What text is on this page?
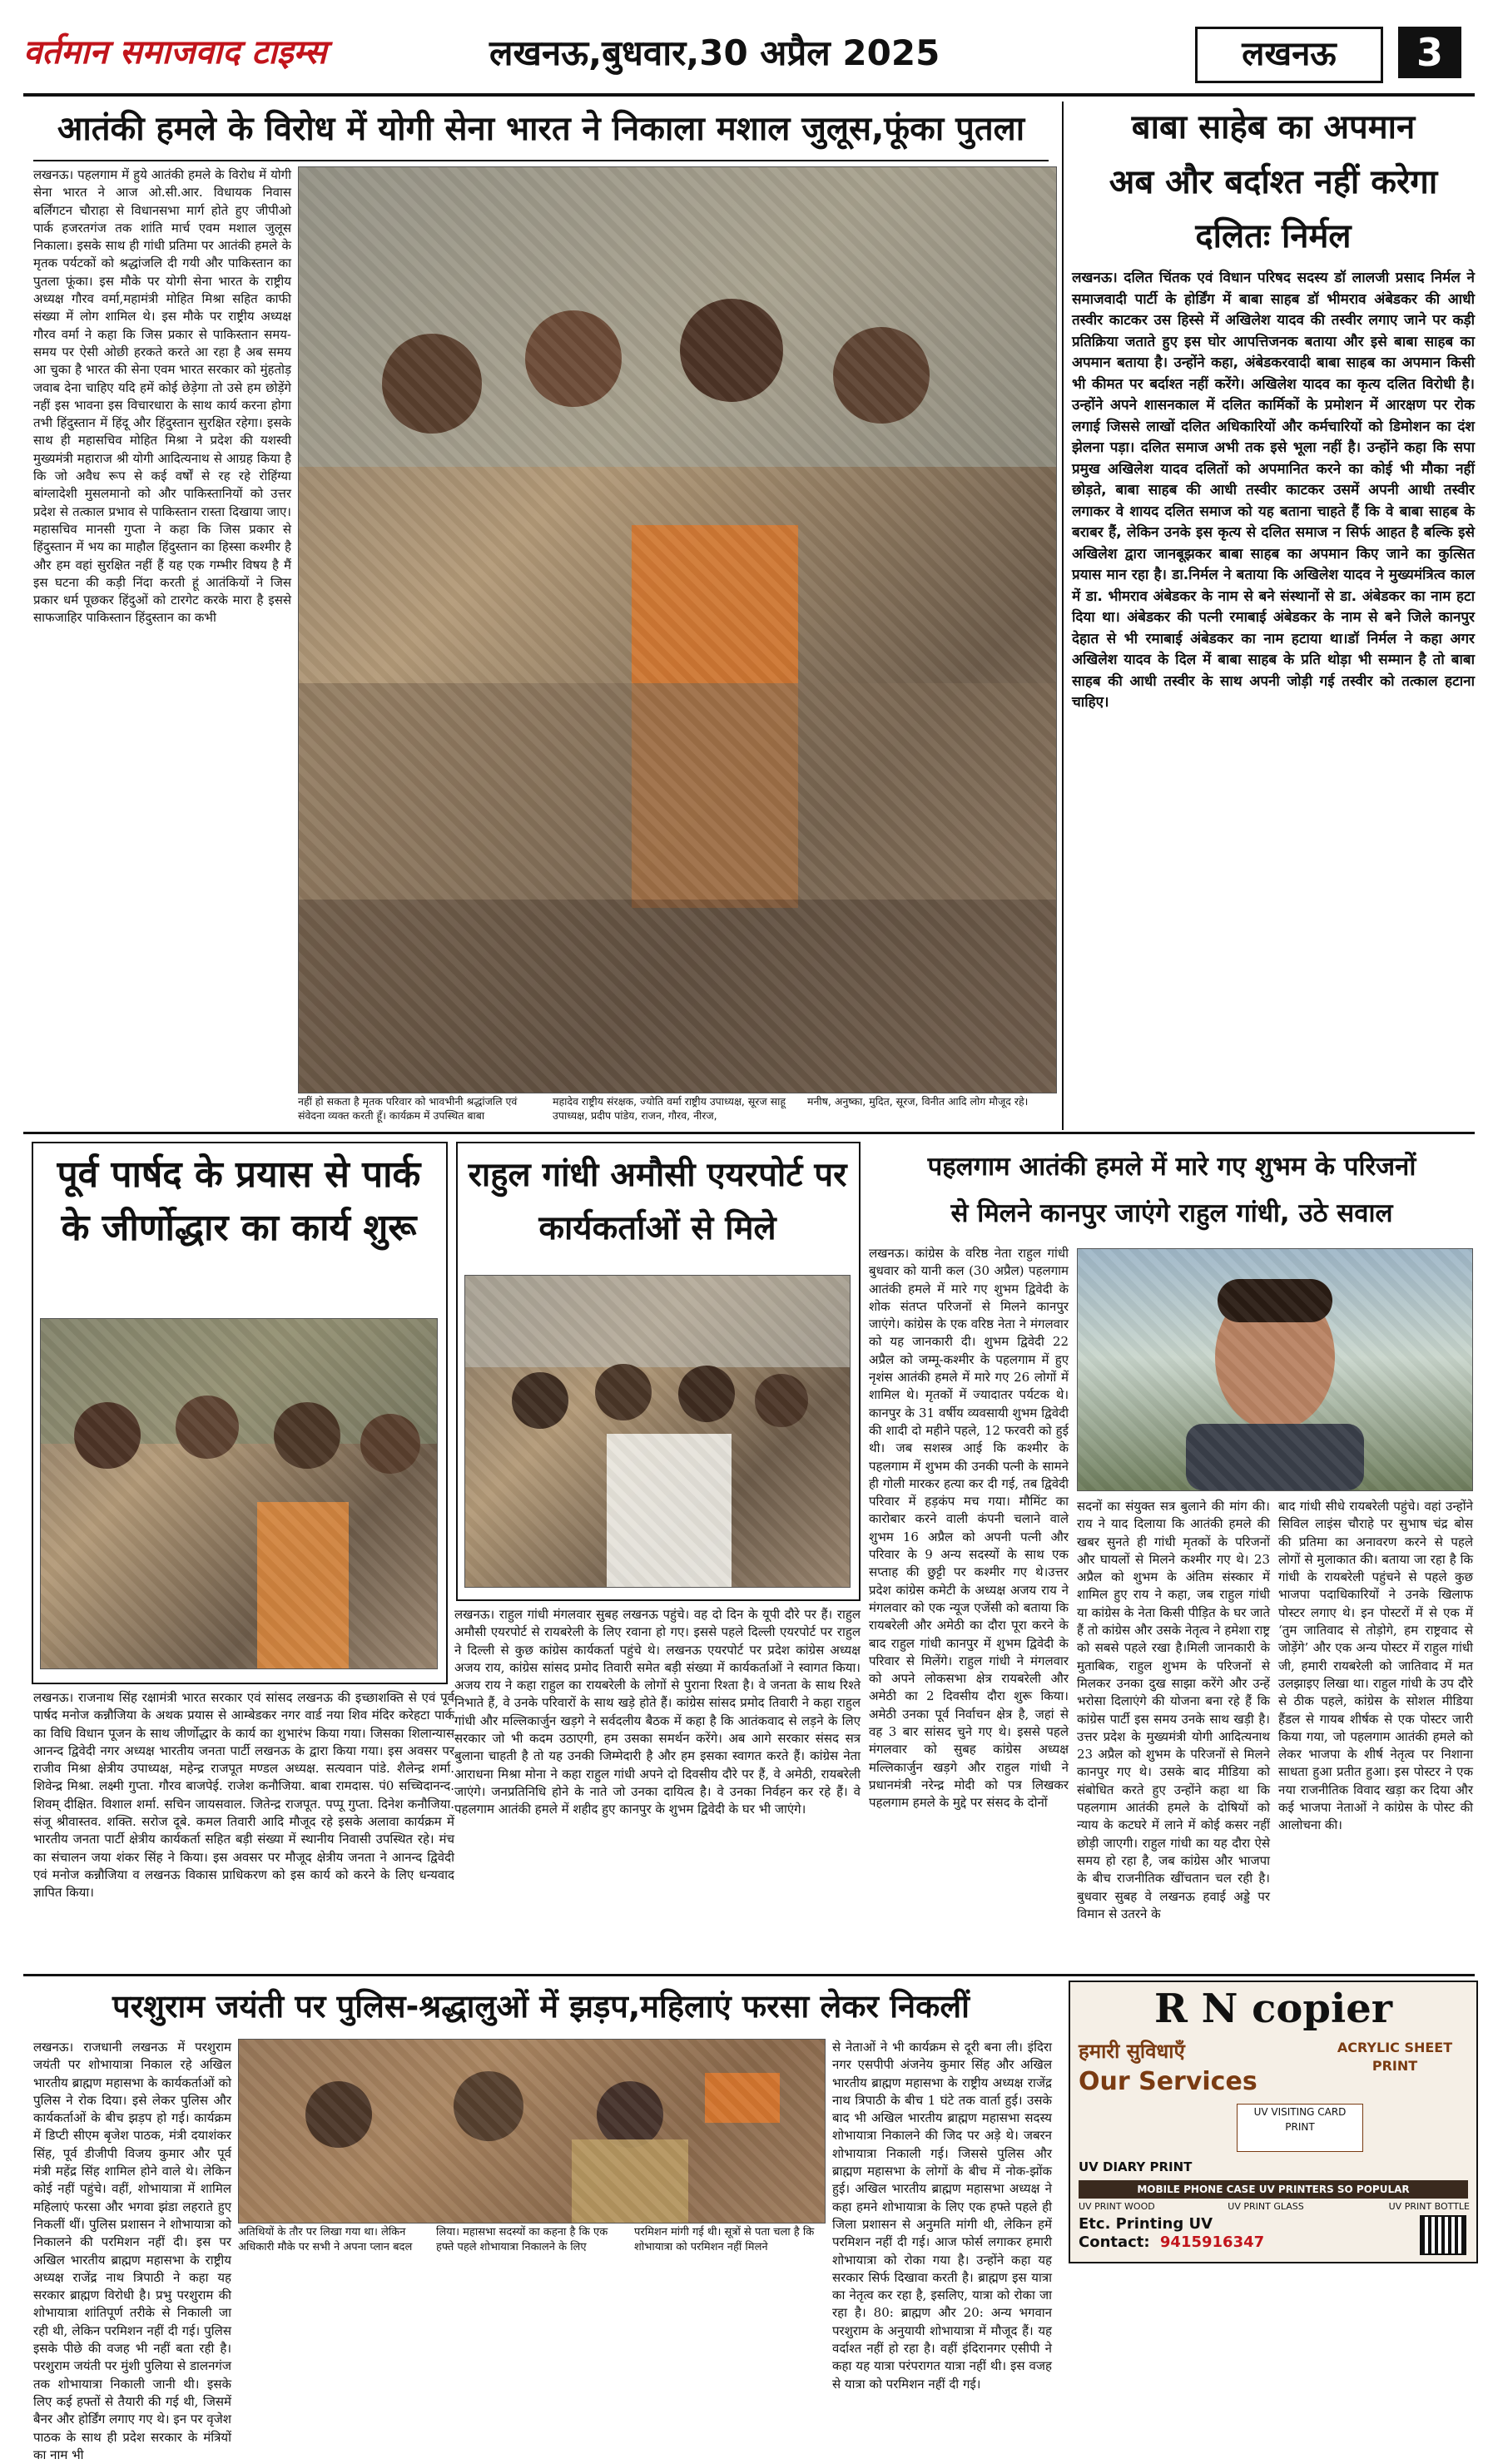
वर्तमान समाजवाद टाइम्स	लखनऊ,बुधवार,30 अप्रैल 2025	लखनऊ	3
आतंकी हमले के विरोध में योगी सेना भारत ने निकाला मशाल जुलूस,फूंका पुतला
लखनऊ। पहलगाम में हुये आतंकी हमले के विरोध में योगी सेना भारत ने आज ओ.सी.आर. विधायक निवास बर्लिंगटन चौराहा से विधानसभा मार्ग होते हुए जीपीओ पार्क हजरतगंज तक शांति मार्च एवम मशाल जुलूस निकाला। इसके साथ ही गांधी प्रतिमा पर आतंकी हमले के मृतक पर्यटकों को श्रद्धांजलि दी गयी और पाकिस्तान का पुतला फूंका। इस मौके पर योगी सेना भारत के राष्ट्रीय अध्यक्ष गौरव वर्मा,महामंत्री मोहित मिश्रा सहित काफी संख्या में लोग शामिल थे। इस मौके पर राष्ट्रीय अध्यक्ष गौरव वर्मा ने कहा कि जिस प्रकार से पाकिस्तान समय-समय पर ऐसी ओछी हरकते करते आ रहा है अब समय आ चुका है भारत की सेना एवम भारत सरकार को मुंहतोड़ जवाब देना चाहिए यदि हमें कोई छेड़ेगा तो उसे हम छोड़ेंगे नहीं इस भावना इस विचारधारा के साथ कार्य करना होगा तभी हिंदुस्तान में हिंदू और हिंदुस्तान सुरक्षित रहेगा। इसके साथ ही महासचिव मोहित मिश्रा ने प्रदेश की यशस्वी मुख्यमंत्री महाराज श्री योगी आदित्यनाथ से आग्रह किया है कि जो अवैध रूप से कई वर्षों से रह रहे रोहिंग्या बांग्लादेशी मुसलमानो को और पाकिस्तानियों को उत्तर प्रदेश से तत्काल प्रभाव से पाकिस्तान रास्ता दिखाया जाए।महासचिव मानसी गुप्ता ने कहा कि जिस प्रकार से हिंदुस्तान में भय का माहौल हिंदुस्तान का हिस्सा कश्मीर है और हम वहां सुरक्षित नहीं हैं यह एक गम्भीर विषय है मैं इस घटना की कड़ी निंदा करती हूं आतंकियों ने जिस प्रकार धर्म पूछकर हिंदुओं को टारगेट करके मारा है इससे साफजाहिर पाकिस्तान हिंदुस्तान का कभी
नहीं हो सकता है मृतक परिवार को भावभीनी श्रद्धांजलि एवं संवेदना व्यक्त करती हूँ। कार्यक्रम में उपस्थित बाबा
महादेव राष्ट्रीय संरक्षक, ज्योति वर्मा राष्ट्रीय उपाध्यक्ष, सूरज साहू उपाध्यक्ष, प्रदीप पांडेय, राजन, गौरव, नीरज,
मनीष, अनुष्का, मुदित, सूरज, विनीत आदि लोग मौजूद रहे।
बाबा साहेब का अपमान
अब और बर्दाश्त नहीं करेगा
दलितः निर्मल
लखनऊ। दलित चिंतक एवं विधान परिषद सदस्य डॉ लालजी प्रसाद निर्मल ने समाजवादी पार्टी के होर्डिंग में बाबा साहब डॉ भीमराव अंबेडकर की आधी तस्वीर काटकर उस हिस्से में अखिलेश यादव की तस्वीर लगाए जाने पर कड़ी प्रतिक्रिया जताते हुए इस घोर आपत्तिजनक बताया और इसे बाबा साहब का अपमान बताया है। उन्होंने कहा, अंबेडकरवादी बाबा साहब का अपमान किसी भी कीमत पर बर्दाश्त नहीं करेंगे। अखिलेश यादव का कृत्य दलित विरोधी है।उन्होंने अपने शासनकाल में दलित कार्मिकों के प्रमोशन में आरक्षण पर रोक लगाई जिससे लाखों दलित अधिकारियों और कर्मचारियों को डिमोशन का दंश झेलना पड़ा। दलित समाज अभी तक इसे भूला नहीं है। उन्होंने कहा कि सपा प्रमुख अखिलेश यादव दलितों को अपमानित करने का कोई भी मौका नहीं छोड़ते, बाबा साहब की आधी तस्वीर काटकर उसमें अपनी आधी तस्वीर लगाकर वे शायद दलित समाज को यह बताना चाहते हैं कि वे बाबा साहब के बराबर हैं, लेकिन उनके इस कृत्य से दलित समाज न सिर्फ आहत है बल्कि इसे अखिलेश द्वारा जानबूझकर बाबा साहब का अपमान किए जाने का कुत्सित प्रयास मान रहा है। डा.निर्मल ने बताया कि अखिलेश यादव ने मुख्यमंत्रित्व काल में डा. भीमराव अंबेडकर के नाम से बने संस्थानों से डा. अंबेडकर का नाम हटा दिया था। अंबेडकर की पत्नी रमाबाई अंबेडकर के नाम से बने जिले कानपुर देहात से भी रमाबाई अंबेडकर का नाम हटाया था।डॉ निर्मल ने कहा अगर अखिलेश यादव के दिल में बाबा साहब के प्रति थोड़ा भी सम्मान है तो बाबा साहब की आधी तस्वीर के साथ अपनी जोड़ी गई तस्वीर को तत्काल हटाना चाहिए।
पूर्व पार्षद के प्रयास से पार्क के जीर्णोद्धार का कार्य शुरू
लखनऊ। राजनाथ सिंह रक्षामंत्री भारत सरकार एवं सांसद लखनऊ की इच्छाशक्ति से एवं पूर्व पार्षद मनोज कन्नौजिया के अथक प्रयास से आम्बेडकर नगर वार्ड नया शिव मंदिर करेहटा पार्क का विधि विधान पूजन के साथ जीर्णोद्धार के कार्य का शुभारंभ किया गया। जिसका शिलान्यास आनन्द द्विवेदी नगर अध्यक्ष भारतीय जनता पार्टी लखनऊ के द्वारा किया गया। इस अवसर पर राजीव मिश्रा क्षेत्रीय उपाध्यक्ष, महेन्द्र राजपूत मण्डल अध्यक्ष. सत्यवान पांडे. शैलेन्द्र शर्मा. शिवेन्द्र मिश्रा. लक्ष्मी गुप्ता. गौरव बाजपेई. राजेश कनौजिया. बाबा रामदास. पं0 सच्चिदानन्द. शिवम् दीक्षित. विशाल शर्मा. सचिन जायसवाल. जितेन्द्र राजपूत. पप्पू गुप्ता. दिनेश कनौजिया. संजू श्रीवास्तव. शक्ति. सरोज दूबे. कमल तिवारी आदि मौजूद रहे इसके अलावा कार्यक्रम में भारतीय जनता पार्टी क्षेत्रीय कार्यकर्ता सहित बड़ी संख्या में स्थानीय निवासी उपस्थित रहे। मंच का संचालन जया शंकर सिंह ने किया। इस अवसर पर मौजूद क्षेत्रीय जनता ने आनन्द द्विवेदी एवं मनोज कन्नौजिया व लखनऊ विकास प्राधिकरण को इस कार्य को करने के लिए धन्यवाद ज्ञापित किया।
राहुल गांधी अमौसी एयरपोर्ट पर कार्यकर्ताओं से मिले
लखनऊ। राहुल गांधी मंगलवार सुबह लखनऊ पहुंचे। वह दो दिन के यूपी दौरे पर हैं। राहुल अमौसी एयरपोर्ट से रायबरेली के लिए रवाना हो गए। इससे पहले दिल्ली एयरपोर्ट पर राहुल ने दिल्ली से कुछ कांग्रेस कार्यकर्ता पहुंचे थे। लखनऊ एयरपोर्ट पर प्रदेश कांग्रेस अध्यक्ष अजय राय, कांग्रेस सांसद प्रमोद तिवारी समेत बड़ी संख्या में कार्यकर्ताओं ने स्वागत किया। अजय राय ने कहा राहुल का रायबरेली के लोगों से पुराना रिश्ता है। वे जनता के साथ रिश्ते निभाते हैं, वे उनके परिवारों के साथ खड़े होते हैं। कांग्रेस सांसद प्रमोद तिवारी ने कहा राहुल गांधी और मल्लिकार्जुन खड़गे ने सर्वदलीय बैठक में कहा है कि आतंकवाद से लड़ने के लिए सरकार जो भी कदम उठाएगी, हम उसका समर्थन करेंगे। अब आगे सरकार संसद सत्र बुलाना चाहती है तो यह उनकी जिम्मेदारी है और हम इसका स्वागत करते हैं। कांग्रेस नेता आराधना मिश्रा मोना ने कहा राहुल गांधी अपने दो दिवसीय दौरे पर हैं, वे अमेठी, रायबरेली जाएंगे। जनप्रतिनिधि होने के नाते जो उनका दायित्व है। वे उनका निर्वहन कर रहे हैं। वे पहलगाम आतंकी हमले में शहीद हुए कानपुर के शुभम द्विवेदी के घर भी जाएंगे।
पहलगाम आतंकी हमले में मारे गए शुभम के परिजनों
से मिलने कानपुर जाएंगे राहुल गांधी, उठे सवाल
लखनऊ। कांग्रेस के वरिष्ठ नेता राहुल गांधी बुधवार को यानी कल (30 अप्रैल) पहलगाम आतंकी हमले में मारे गए शुभम द्विवेदी के शोक संतप्त परिजनों से मिलने कानपुर जाएंगे। कांग्रेस के एक वरिष्ठ नेता ने मंगलवार को यह जानकारी दी। शुभम द्विवेदी 22 अप्रैल को जम्मू-कश्मीर के पहलगाम में हुए नृशंस आतंकी हमले में मारे गए 26 लोगों में शामिल थे। मृतकों में ज्यादातर पर्यटक थे। कानपुर के 31 वर्षीय व्यवसायी शुभम द्विवेदी की शादी दो महीने पहले, 12 फरवरी को हुई थी। जब सशस्त्र आई कि कश्मीर के पहलगाम में शुभम की उनकी पत्नी के सामने ही गोली मारकर हत्या कर दी गई, तब द्विवेदी परिवार में हड़कंप मच गया। मौमिंट का कारोबार करने वाली कंपनी चलाने वाले शुभम 16 अप्रैल को अपनी पत्नी और परिवार के 9 अन्य सदस्यों के साथ एक सप्ताह की छुट्टी पर कश्मीर गए थे।उत्तर प्रदेश कांग्रेस कमेटी के अध्यक्ष अजय राय ने मंगलवार को एक न्यूज एजेंसी को बताया कि रायबरेली और अमेठी का दौरा पूरा करने के बाद राहुल गांधी कानपुर में शुभम द्विवेदी के परिवार से मिलेंगे। राहुल गांधी ने मंगलवार को अपने लोकसभा क्षेत्र रायबरेली और अमेठी का 2 दिवसीय दौरा शुरू किया। अमेठी उनका पूर्व निर्वाचन क्षेत्र है, जहां से वह 3 बार सांसद चुने गए थे। इससे पहले मंगलवार को सुबह कांग्रेस अध्यक्ष मल्लिकार्जुन खड़गे और राहुल गांधी ने प्रधानमंत्री नरेन्द्र मोदी को पत्र लिखकर पहलगाम हमले के मुद्दे पर संसद के दोनों
सदनों का संयुक्त सत्र बुलाने की मांग की। राय ने याद दिलाया कि आतंकी हमले की खबर सुनते ही गांधी मृतकों के परिजनों और घायलों से मिलने कश्मीर गए थे। 23 अप्रैल को शुभम के अंतिम संस्कार में शामिल हुए राय ने कहा, जब राहुल गांधी या कांग्रेस के नेता किसी पीड़ित के घर जाते हैं तो कांग्रेस और उसके नेतृत्व ने हमेशा राष्ट्र को सबसे पहले रखा है।मिली जानकारी के मुताबिक, राहुल शुभम के परिजनों से मिलकर उनका दुख साझा करेंगे और उन्हें भरोसा दिलाएंगे की योजना बना रहे हैं कि कांग्रेस पार्टी इस समय उनके साथ खड़ी है। उत्तर प्रदेश के मुख्यमंत्री योगी आदित्यनाथ 23 अप्रैल को शुभम के परिजनों से मिलने कानपुर गए थे। उसके बाद मीडिया को संबोधित करते हुए उन्होंने कहा था कि पहलगाम आतंकी हमले के दोषियों को न्याय के कटघरे में लाने में कोई कसर नहीं छोड़ी जाएगी। राहुल गांधी का यह दौरा ऐसे समय हो रहा है, जब कांग्रेस और भाजपा के बीच राजनीतिक खींचतान चल रही है। बुधवार सुबह वे लखनऊ हवाई अड्डे पर विमान से उतरने के
बाद गांधी सीधे रायबरेली पहुंचे। वहां उन्होंने सिविल लाइंस चौराहे पर सुभाष चंद्र बोस की प्रतिमा का अनावरण करने से पहले लोगों से मुलाकात की। बताया जा रहा है कि गांधी के रायबरेली पहुंचने से पहले कुछ भाजपा पदाधिकारियों ने उनके खिलाफ पोस्टर लगाए थे। इन पोस्टरों में से एक में ‘तुम जातिवाद से तोड़ोगे, हम राष्ट्रवाद से जोड़ेंगे’ और एक अन्य पोस्टर में राहुल गांधी जी, हमारी रायबरेली को जातिवाद में मत उलझाइए लिखा था। राहुल गांधी के उप दौरे से ठीक पहले, कांग्रेस के सोशल मीडिया हैंडल से गायब शीर्षक से एक पोस्टर जारी किया गया, जो पहलगाम आतंकी हमले को लेकर भाजपा के शीर्ष नेतृत्व पर निशाना साधता हुआ प्रतीत हुआ। इस पोस्टर ने एक नया राजनीतिक विवाद खड़ा कर दिया और कई भाजपा नेताओं ने कांग्रेस के पोस्ट की आलोचना की।
परशुराम जयंती पर पुलिस-श्रद्धालुओं में झड़प,महिलाएं फरसा लेकर निकलीं
लखनऊ। राजधानी लखनऊ में परशुराम जयंती पर शोभायात्रा निकाल रहे अखिल भारतीय ब्राह्मण महासभा के कार्यकर्ताओं को पुलिस ने रोक दिया। इसे लेकर पुलिस और कार्यकर्ताओं के बीच झड़प हो गई। कार्यक्रम में डिप्टी सीएम बृजेश पाठक, मंत्री दयाशंकर सिंह, पूर्व डीजीपी विजय कुमार और पूर्व मंत्री महेंद्र सिंह शामिल होने वाले थे। लेकिन कोई नहीं पहुंचे। वहीं, शोभायात्रा में शामिल महिलाएं फरसा और भगवा झंडा लहराते हुए निकलीं थीं। पुलिस प्रशासन ने शोभायात्रा को निकालने की परमिशन नहीं दी। इस पर अखिल भारतीय ब्राह्मण महासभा के राष्ट्रीय अध्यक्ष राजेंद्र नाथ त्रिपाठी ने कहा यह सरकार ब्राह्मण विरोधी है। प्रभु परशुराम की शोभायात्रा शांतिपूर्ण तरीके से निकाली जा रही थी, लेकिन परमिशन नहीं दी गई। पुलिस इसके पीछे की वजह भी नहीं बता रही है। परशुराम जयंती पर मुंशी पुलिया से डालनगंज तक शोभायात्रा निकाली जानी थी। इसके लिए कई हफ्तों से तैयारी की गई थी, जिसमें बैनर और होर्डिंग लगाए गए थे। इन पर वृजेश पाठक के साथ ही प्रदेश सरकार के मंत्रियों का नाम भी
अतिथियों के तौर पर लिखा गया था। लेकिन अधिकारी मौके पर सभी ने अपना प्लान बदल
लिया। महासभा सदस्यों का कहना है कि एक हफ्ते पहले शोभायात्रा निकालने के लिए
परमिशन मांगी गई थी। सूत्रों से पता चला है कि शोभायात्रा को परमिशन नहीं मिलने
से नेताओं ने भी कार्यक्रम से दूरी बना ली। इंदिरा नगर एसपीपी अंजनेय कुमार सिंह और अखिल भारतीय ब्राह्मण महासभा के राष्ट्रीय अध्यक्ष राजेंद्र नाथ त्रिपाठी के बीच 1 घंटे तक वार्ता हुई। उसके बाद भी अखिल भारतीय ब्राह्मण महासभा सदस्य शोभायात्रा निकालने की जिद पर अड़े थे। जबरन शोभायात्रा निकाली गई। जिससे पुलिस और ब्राह्मण महासभा के लोगों के बीच में नोक-झोंक हुई। अखिल भारतीय ब्राह्मण महासभा अध्यक्ष ने कहा हमने शोभायात्रा के लिए एक हफ्ते पहले ही जिला प्रशासन से अनुमति मांगी थी, लेकिन हमें परमिशन नहीं दी गई। आज फोर्स लगाकर हमारी शोभायात्रा को रोका गया है। उन्होंने कहा यह सरकार सिर्फ दिखावा करती है। ब्राह्मण इस यात्रा का नेतृत्व कर रहा है, इसलिए, यात्रा को रोका जा रहा है। 80: ब्राह्मण और 20: अन्य भगवान परशुराम के अनुयायी शोभायात्रा में मौजूद हैं। यह वर्दाश्त नहीं हो रहा है। वहीं इंदिरानगर एसीपी ने कहा यह यात्रा परंपरागत यात्रा नहीं थी। इस वजह से यात्रा को परमिशन नहीं दी गई।
R N copier
हमारी सुविधाएँ
Our Services
ACRYLIC SHEET PRINT
UV VISITING CARD PRINT
UV DIARY PRINT
MOBILE PHONE CASE UV PRINTERS SO POPULAR
UV PRINT GLASS
UV PRINT WOOD	UV PRINT BOTTLE
Etc. Printing UV
Contact: 9415916347
